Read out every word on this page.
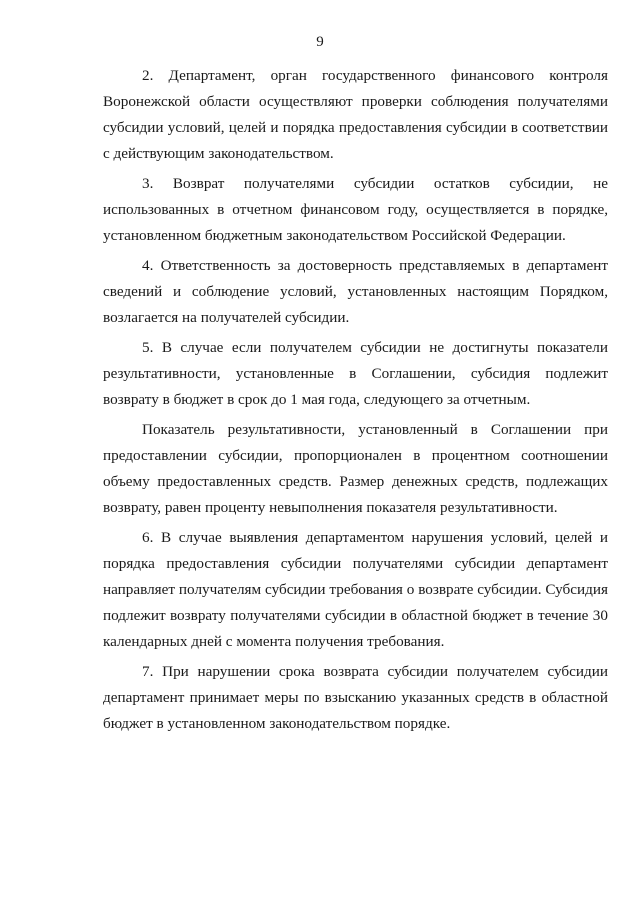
9

2. Департамент, орган государственного финансового контроля Воронежской области осуществляют проверки соблюдения получателями субсидии условий, целей и порядка предоставления субсидии в соответствии с действующим законодательством.

3. Возврат получателями субсидии остатков субсидии, не использованных в отчетном финансовом году, осуществляется в порядке, установленном бюджетным законодательством Российской Федерации.

4. Ответственность за достоверность представляемых в департамент сведений и соблюдение условий, установленных настоящим Порядком, возлагается на получателей субсидии.

5. В случае если получателем субсидии не достигнуты показатели результативности, установленные в Соглашении, субсидия подлежит возврату в бюджет в срок до 1 мая года, следующего за отчетным.

Показатель результативности, установленный в Соглашении при предоставлении субсидии, пропорционален в процентном соотношении объему предоставленных средств. Размер денежных средств, подлежащих возврату, равен проценту невыполнения показателя результативности.

6. В случае выявления департаментом нарушения условий, целей и порядка предоставления субсидии получателями субсидии департамент направляет получателям субсидии требования о возврате субсидии. Субсидия подлежит возврату получателями субсидии в областной бюджет в течение 30 календарных дней с момента получения требования.

7. При нарушении срока возврата субсидии получателем субсидии департамент принимает меры по взысканию указанных средств в областной бюджет в установленном законодательством порядке.
